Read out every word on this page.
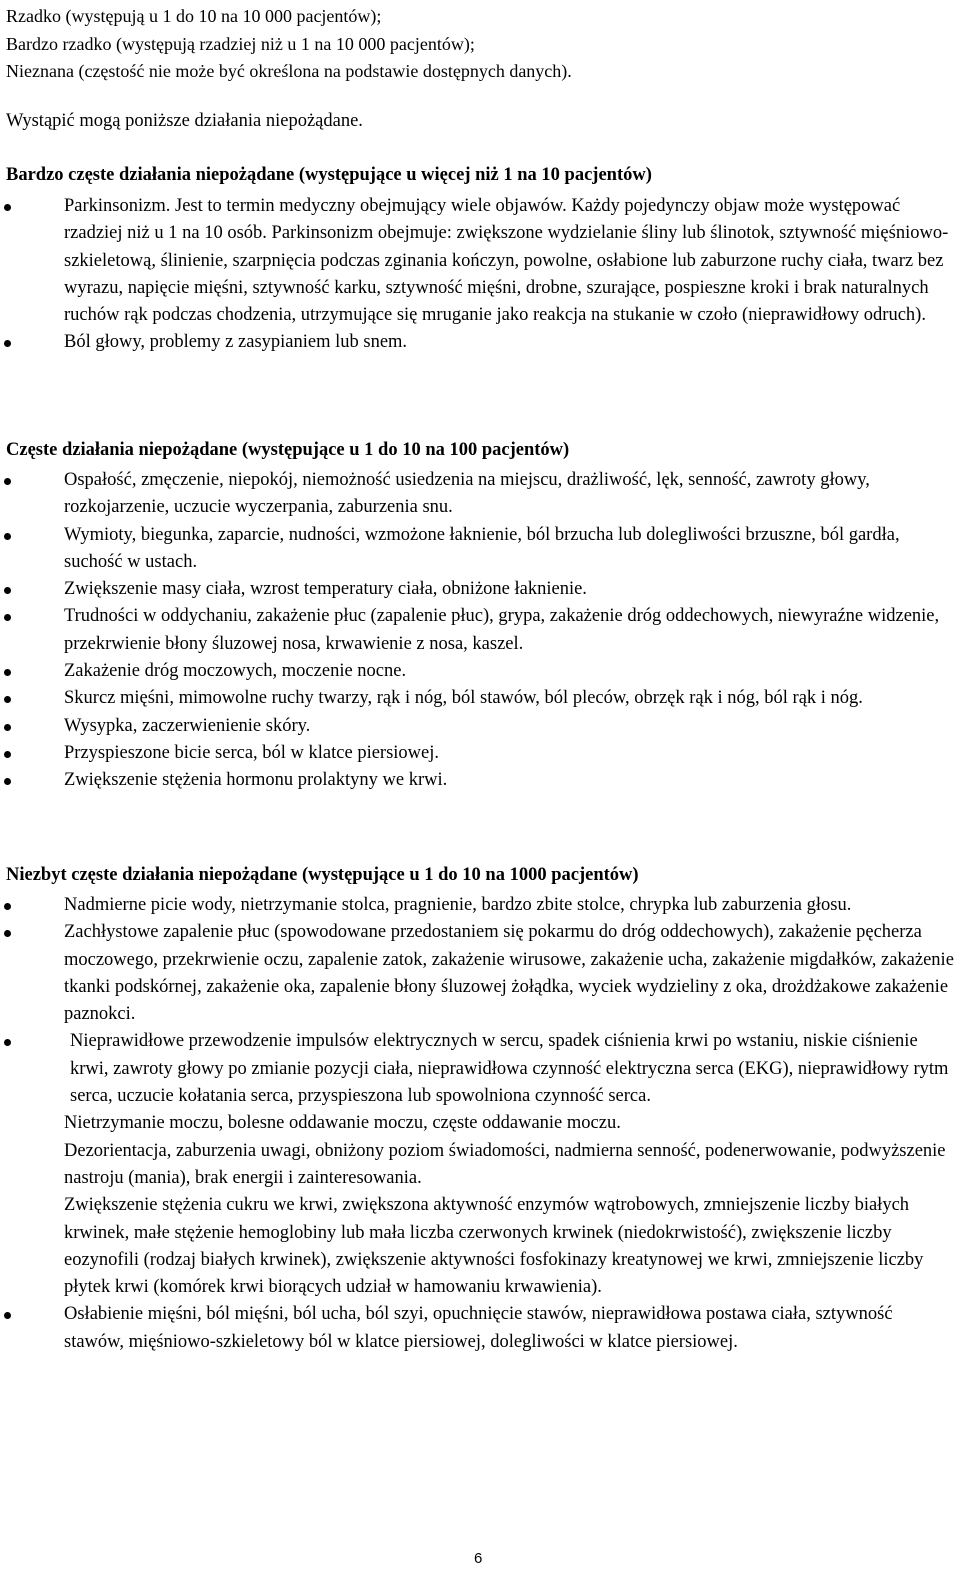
Rzadko (występują u 1 do 10 na 10 000 pacjentów);
Bardzo rzadko (występują rzadziej niż u 1 na 10 000 pacjentów);
Nieznana (częstość nie może być określona na podstawie dostępnych danych).
Wystąpić mogą poniższe działania niepożądane.
Bardzo częste działania niepożądane (występujące u więcej niż 1 na 10 pacjentów)
Parkinsonizm. Jest to termin medyczny obejmujący wiele objawów. Każdy pojedynczy objaw może występować rzadziej niż u 1 na 10 osób. Parkinsonizm obejmuje: zwiększone wydzielanie śliny lub ślinotok, sztywność mięśniowo-szkieletową, ślinienie, szarpnięcia podczas zginania kończyn, powolne, osłabione lub zaburzone ruchy ciała, twarz bez wyrazu, napięcie mięśni, sztywność karku, sztywność mięśni, drobne, szurające, pospieszne kroki i brak naturalnych ruchów rąk podczas chodzenia, utrzymujące się mruganie jako reakcja na stukanie w czoło (nieprawidłowy odruch).
Ból głowy, problemy z zasypianiem lub snem.
Częste działania niepożądane (występujące u 1 do 10 na 100 pacjentów)
Ospałość, zmęczenie, niepokój, niemożność usiedzenia na miejscu, drażliwość, lęk, senność, zawroty głowy, rozkojarzenie, uczucie wyczerpania, zaburzenia snu.
Wymioty, biegunka, zaparcie, nudności, wzmożone łaknienie, ból brzucha lub dolegliwości brzuszne, ból gardła, suchość w ustach.
Zwiększenie masy ciała, wzrost temperatury ciała, obniżone łaknienie.
Trudności w oddychaniu, zakażenie płuc (zapalenie płuc), grypa, zakażenie dróg oddechowych, niewyraźne widzenie, przekrwienie błony śluzowej nosa, krwawienie z nosa, kaszel.
Zakażenie dróg moczowych, moczenie nocne.
Skurcz mięśni, mimowolne ruchy twarzy, rąk i nóg, ból stawów, ból pleców, obrzęk rąk i nóg, ból rąk i nóg.
Wysypka, zaczerwienienie skóry.
Przyspieszone bicie serca, ból w klatce piersiowej.
Zwiększenie stężenia hormonu prolaktyny we krwi.
Niezbyt częste działania niepożądane (występujące u 1 do 10 na 1000 pacjentów)
Nadmierne picie wody, nietrzymanie stolca, pragnienie, bardzo zbite stolce, chrypka lub zaburzenia głosu.
Zachłystowe zapalenie płuc (spowodowane przedostaniem się pokarmu do dróg oddechowych), zakażenie pęcherza moczowego, przekrwienie oczu, zapalenie zatok, zakażenie wirusowe, zakażenie ucha, zakażenie migdałków, zakażenie tkanki podskórnej, zakażenie oka, zapalenie błony śluzowej żołądka, wyciek wydzieliny z oka, drożdżakowe zakażenie paznokci.
Nieprawidłowe przewodzenie impulsów elektrycznych w sercu, spadek ciśnienia krwi po wstaniu, niskie ciśnienie krwi, zawroty głowy po zmianie pozycji ciała, nieprawidłowa czynność elektryczna serca (EKG), nieprawidłowy rytm serca, uczucie kołatania serca, przyspieszona lub spowolniona czynność serca.
Nietrzymanie moczu, bolesne oddawanie moczu, częste oddawanie moczu.
Dezorientacja, zaburzenia uwagi, obniżony poziom świadomości, nadmierna senność, podenerwowanie, podwyższenie nastroju (mania), brak energii i zainteresowania.
Zwiększenie stężenia cukru we krwi, zwiększona aktywność enzymów wątrobowych, zmniejszenie liczby białych krwinek, małe stężenie hemoglobiny lub mała liczba czerwonych krwinek (niedokrwistość), zwiększenie liczby eozynofili (rodzaj białych krwinek), zwiększenie aktywności fosfokinazy kreatynowej we krwi, zmniejszenie liczby płytek krwi (komórek krwi biorących udział w hamowaniu krwawienia).
Osłabienie mięśni, ból mięśni, ból ucha, ból szyi, opuchnięcie stawów, nieprawidłowa postawa ciała, sztywność stawów, mięśniowo-szkieletowy ból w klatce piersiowej, dolegliwości w klatce piersiowej.
6
